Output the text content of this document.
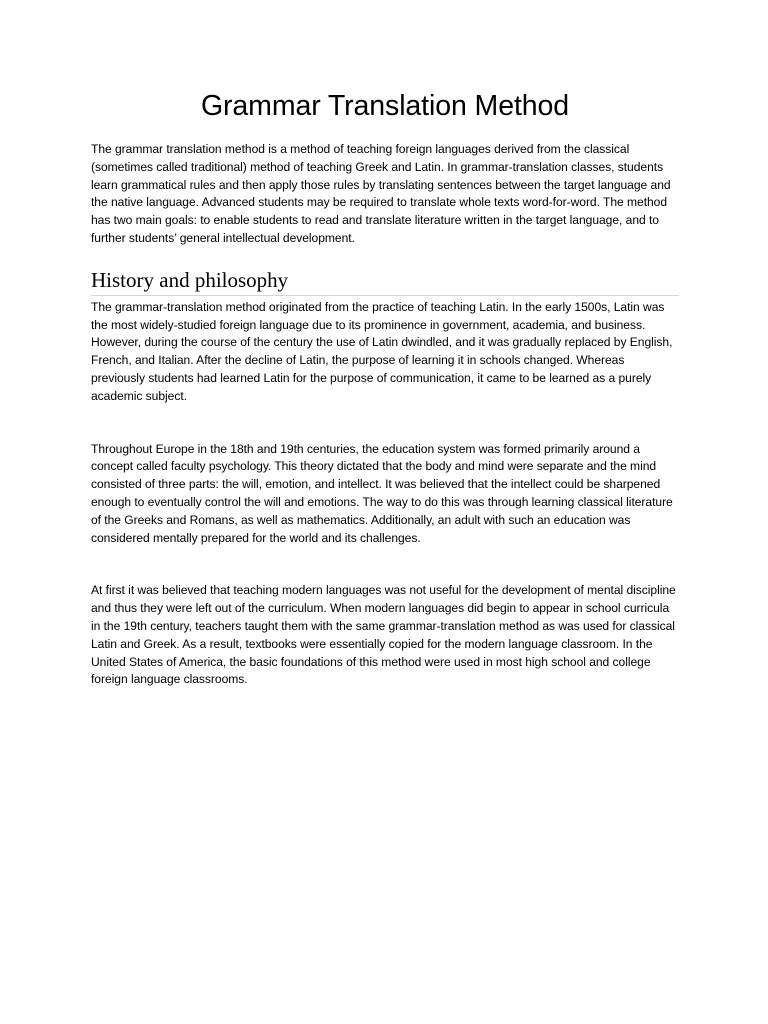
Grammar Translation Method

The grammar translation method is a method of teaching foreign languages derived from the classical (sometimes called traditional) method of teaching Greek and Latin. In grammar-translation classes, students learn grammatical rules and then apply those rules by translating sentences between the target language and the native language. Advanced students may be required to translate whole texts word-for-word. The method has two main goals: to enable students to read and translate literature written in the target language, and to further students’ general intellectual development.

History and philosophy

The grammar-translation method originated from the practice of teaching Latin. In the early 1500s, Latin was the most widely-studied foreign language due to its prominence in government, academia, and business. However, during the course of the century the use of Latin dwindled, and it was gradually replaced by English, French, and Italian. After the decline of Latin, the purpose of learning it in schools changed. Whereas previously students had learned Latin for the purpose of communication, it came to be learned as a purely academic subject.

Throughout Europe in the 18th and 19th centuries, the education system was formed primarily around a concept called faculty psychology. This theory dictated that the body and mind were separate and the mind consisted of three parts: the will, emotion, and intellect. It was believed that the intellect could be sharpened enough to eventually control the will and emotions. The way to do this was through learning classical literature of the Greeks and Romans, as well as mathematics. Additionally, an adult with such an education was considered mentally prepared for the world and its challenges.

At first it was believed that teaching modern languages was not useful for the development of mental discipline and thus they were left out of the curriculum. When modern languages did begin to appear in school curricula in the 19th century, teachers taught them with the same grammar-translation method as was used for classical Latin and Greek. As a result, textbooks were essentially copied for the modern language classroom. In the United States of America, the basic foundations of this method were used in most high school and college foreign language classrooms.
